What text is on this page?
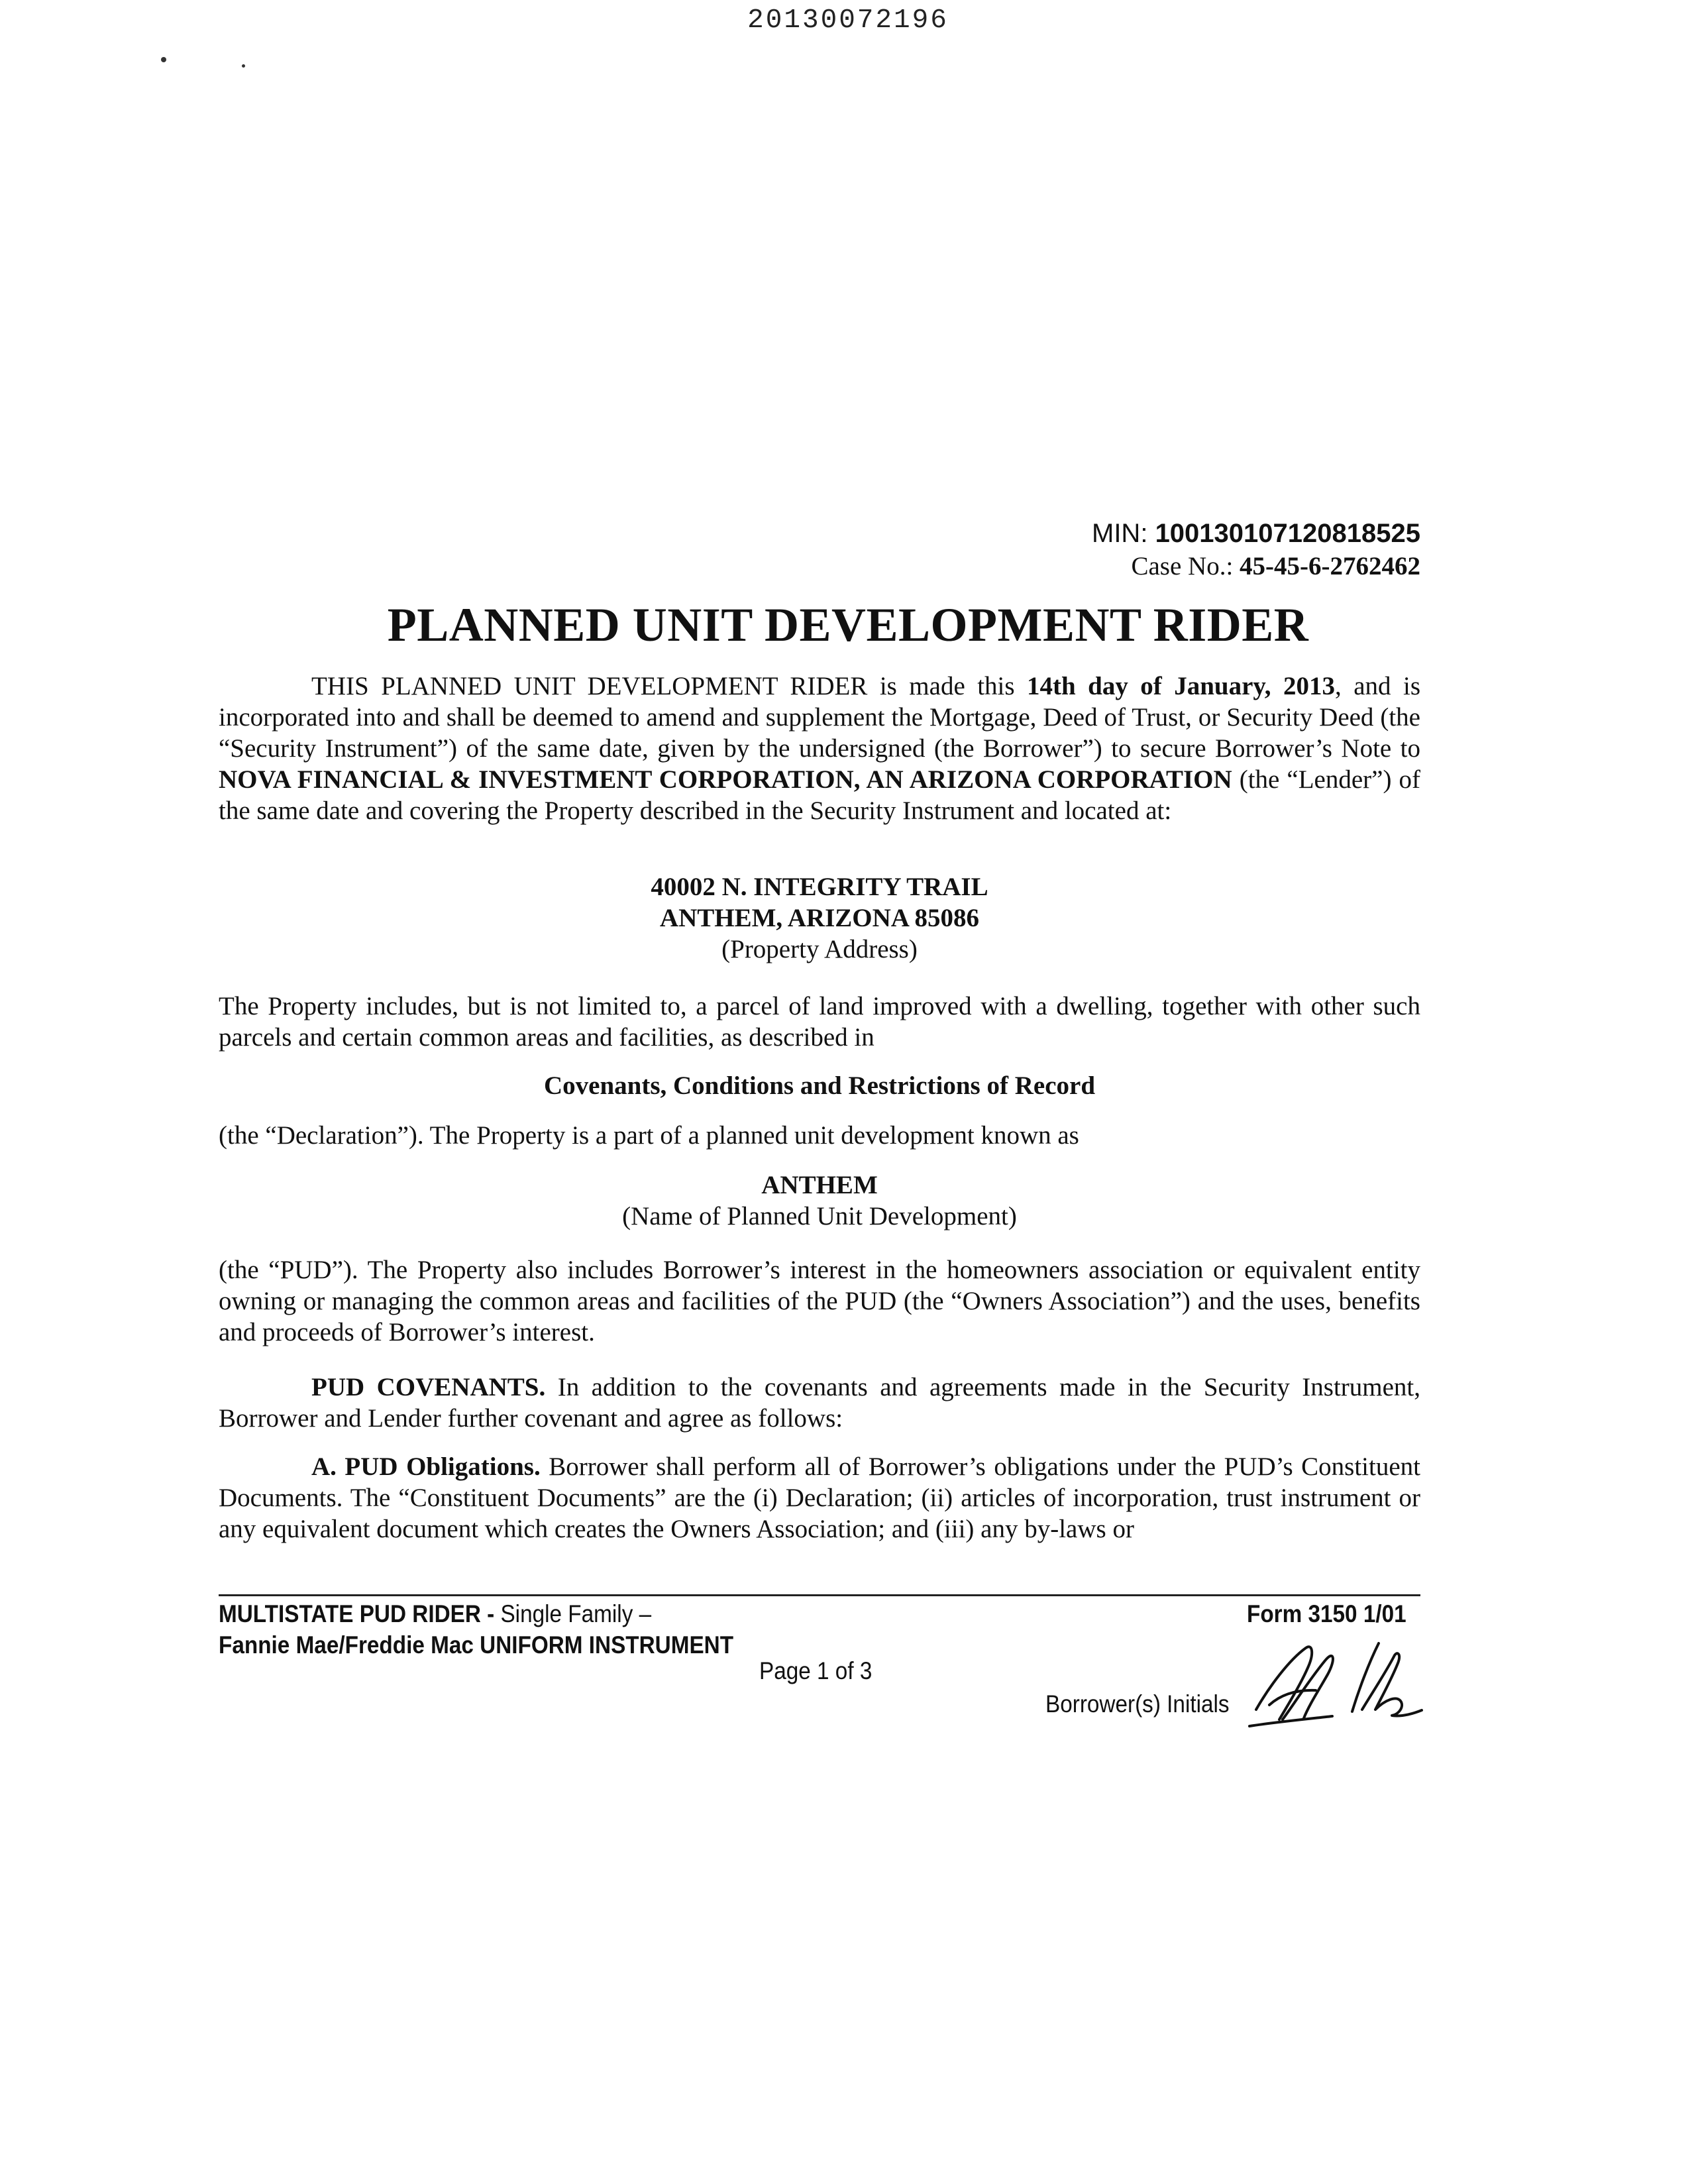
20130072196
MIN: 100130107120818525
Case No.: 45-45-6-2762462
PLANNED UNIT DEVELOPMENT RIDER
THIS PLANNED UNIT DEVELOPMENT RIDER is made this 14th day of January, 2013, and is incorporated into and shall be deemed to amend and supplement the Mortgage, Deed of Trust, or Security Deed (the “Security Instrument”) of the same date, given by the undersigned (the Borrower”) to secure Borrower’s Note to NOVA FINANCIAL & INVESTMENT CORPORATION, AN ARIZONA CORPORATION (the “Lender”) of the same date and covering the Property described in the Security Instrument and located at:
40002 N. INTEGRITY TRAIL
ANTHEM, ARIZONA 85086
(Property Address)
The Property includes, but is not limited to, a parcel of land improved with a dwelling, together with other such parcels and certain common areas and facilities, as described in
Covenants, Conditions and Restrictions of Record
(the “Declaration”). The Property is a part of a planned unit development known as
ANTHEM
(Name of Planned Unit Development)
(the “PUD”). The Property also includes Borrower’s interest in the homeowners association or equivalent entity owning or managing the common areas and facilities of the PUD (the “Owners Association”) and the uses, benefits and proceeds of Borrower’s interest.
PUD COVENANTS. In addition to the covenants and agreements made in the Security Instrument, Borrower and Lender further covenant and agree as follows:
A. PUD Obligations. Borrower shall perform all of Borrower’s obligations under the PUD’s Constituent Documents. The “Constituent Documents” are the (i) Declaration; (ii) articles of incorporation, trust instrument or any equivalent document which creates the Owners Association; and (iii) any by-laws or
MULTISTATE PUD RIDER - Single Family –
Fannie Mae/Freddie Mac UNIFORM INSTRUMENT
Form 3150 1/01
Page 1 of 3
Borrower(s) Initials
